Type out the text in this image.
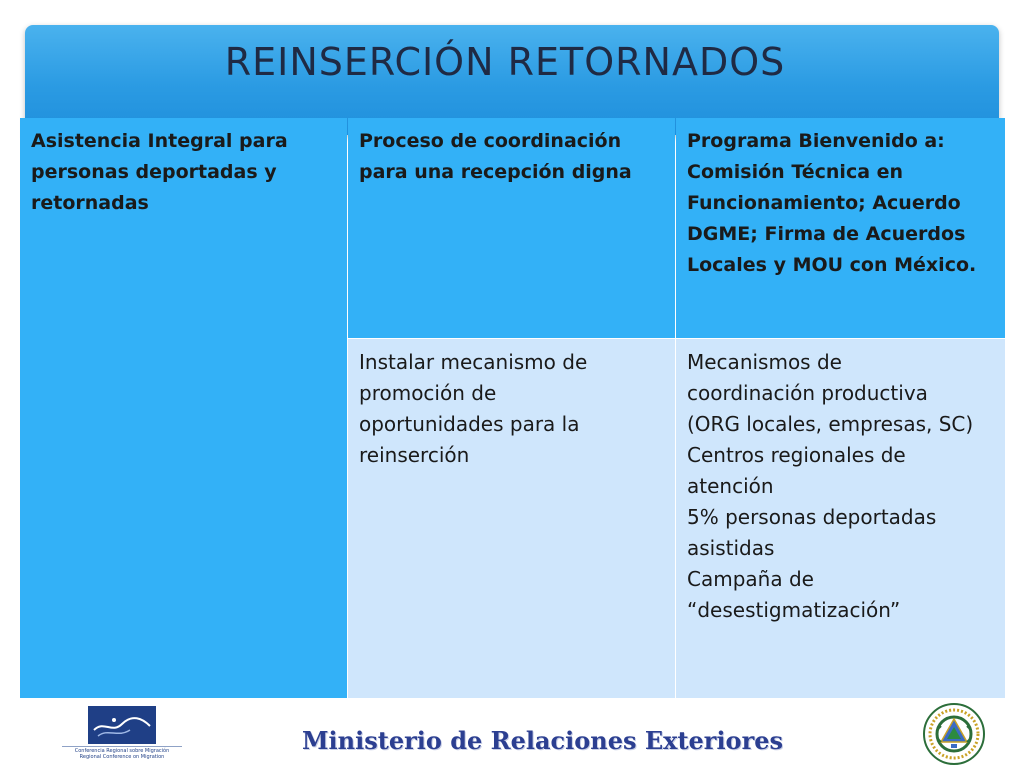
REINSERCIÓN RETORNADOS
Asistencia Integral para
personas deportadas y
retornadas
Proceso de coordinación
para una recepción digna
Programa Bienvenido a:
Comisión Técnica en
Funcionamiento; Acuerdo
DGME; Firma de Acuerdos
Locales y MOU con México.
Instalar mecanismo de
promoción de
oportunidades para la
reinserción
Mecanismos de
coordinación productiva
(ORG locales, empresas, SC)
Centros regionales de
atención
5% personas deportadas
asistidas
Campaña de
“desestigmatización”
Conferencia Regional sobre Migración
Regional Conference on Migration
Ministerio de Relaciones Exteriores
